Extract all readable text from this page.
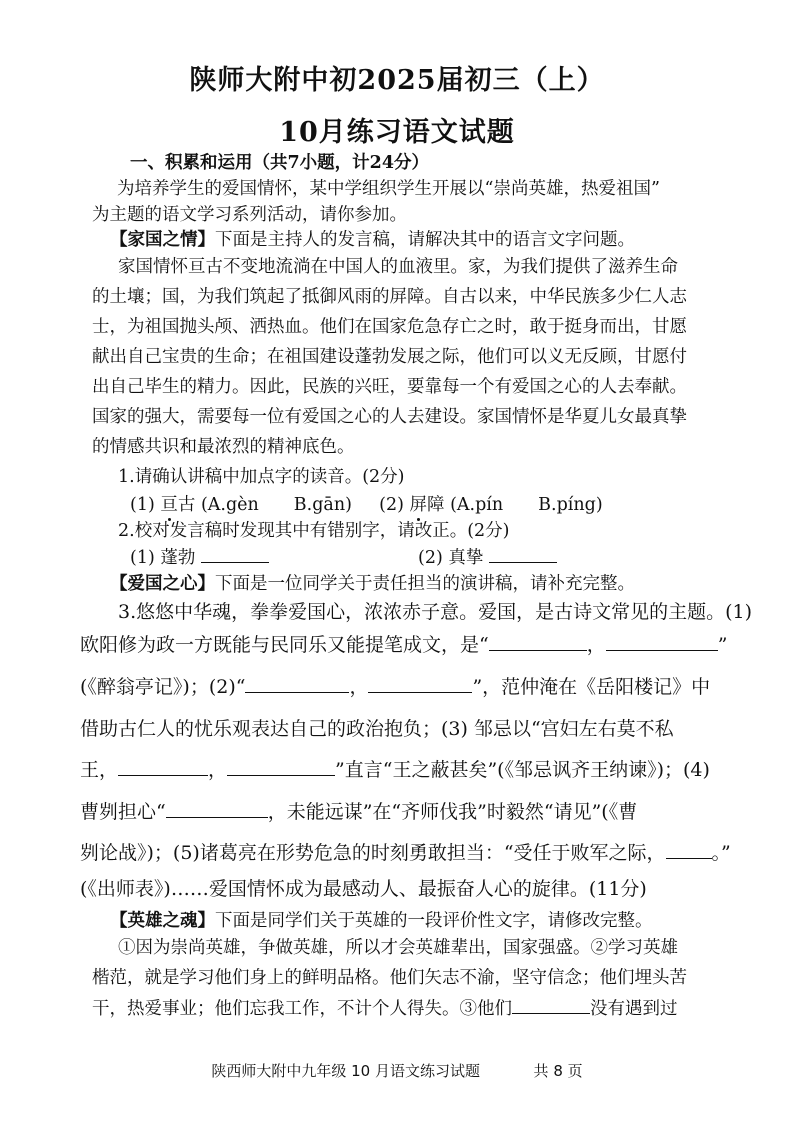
陕师大附中初2025届初三（上）
10月练习语文试题
一、积累和运用（共7小题，计24分）
为培养学生的爱国情怀，某中学组织学生开展以“崇尚英雄，热爱祖国”
为主题的语文学习系列活动，请你参加。
【家国之情】下面是主持人的发言稿，请解决其中的语言文字问题。
家国情怀亘古不变地流淌在中国人的血液里。家，为我们提供了滋养生命
的土壤；国，为我们筑起了抵御风雨的屏障。自古以来，中华民族多少仁人志
士，为祖国抛头颅、洒热血。他们在国家危急存亡之时，敢于挺身而出，甘愿
献出自己宝贵的生命；在祖国建设蓬勃发展之际，他们可以义无反顾，甘愿付
出自己毕生的精力。因此，民族的兴旺，要靠每一个有爱国之心的人去奉献。
国家的强大，需要每一位有爱国之心的人去建设。家国情怀是华夏儿女最真挚
的情感共识和最浓烈的精神底色。
1.请确认讲稿中加点字的读音。(2分)
(1) 亘古 (A.gèn　　B.gān) (2) 屏障 (A.pín　　B.píng)
2.校对发言稿时发现其中有错别字，请改正。(2分)
(1) 蓬勃	(2) 真挚
【爱国之心】下面是一位同学关于责任担当的演讲稿，请补充完整。
3.悠悠中华魂，拳拳爱国心，浓浓赤子意。爱国，是古诗文常见的主题。(1)
欧阳修为政一方既能与民同乐又能提笔成文，是“	，	”
(《醉翁亭记》)；(2)“	，	”，范仲淹在《岳阳楼记》中
借助古仁人的忧乐观表达自己的政治抱负；(3) 邹忌以“宫妇左右莫不私
王，	，	”直言“王之蔽甚矣”(《邹忌讽齐王纳谏》)；(4)
曹刿担心“	，未能远谋”在“齐师伐我”时毅然“请见”(《曹
刿论战》)；(5)诸葛亮在形势危急的时刻勇敢担当：“受任于败军之际， 。”
(《出师表》)……爱国情怀成为最感动人、最振奋人心的旋律。(11分)
【英雄之魂】下面是同学们关于英雄的一段评价性文字，请修改完整。
①因为崇尚英雄，争做英雄，所以才会英雄辈出，国家强盛。②学习英雄
楷范，就是学习他们身上的鲜明品格。他们矢志不渝，坚守信念；他们埋头苦
干，热爱事业；他们忘我工作，不计个人得失。③他们	没有遇到过
陕西师大附中九年级 10 月语文练习试题	共 8 页
